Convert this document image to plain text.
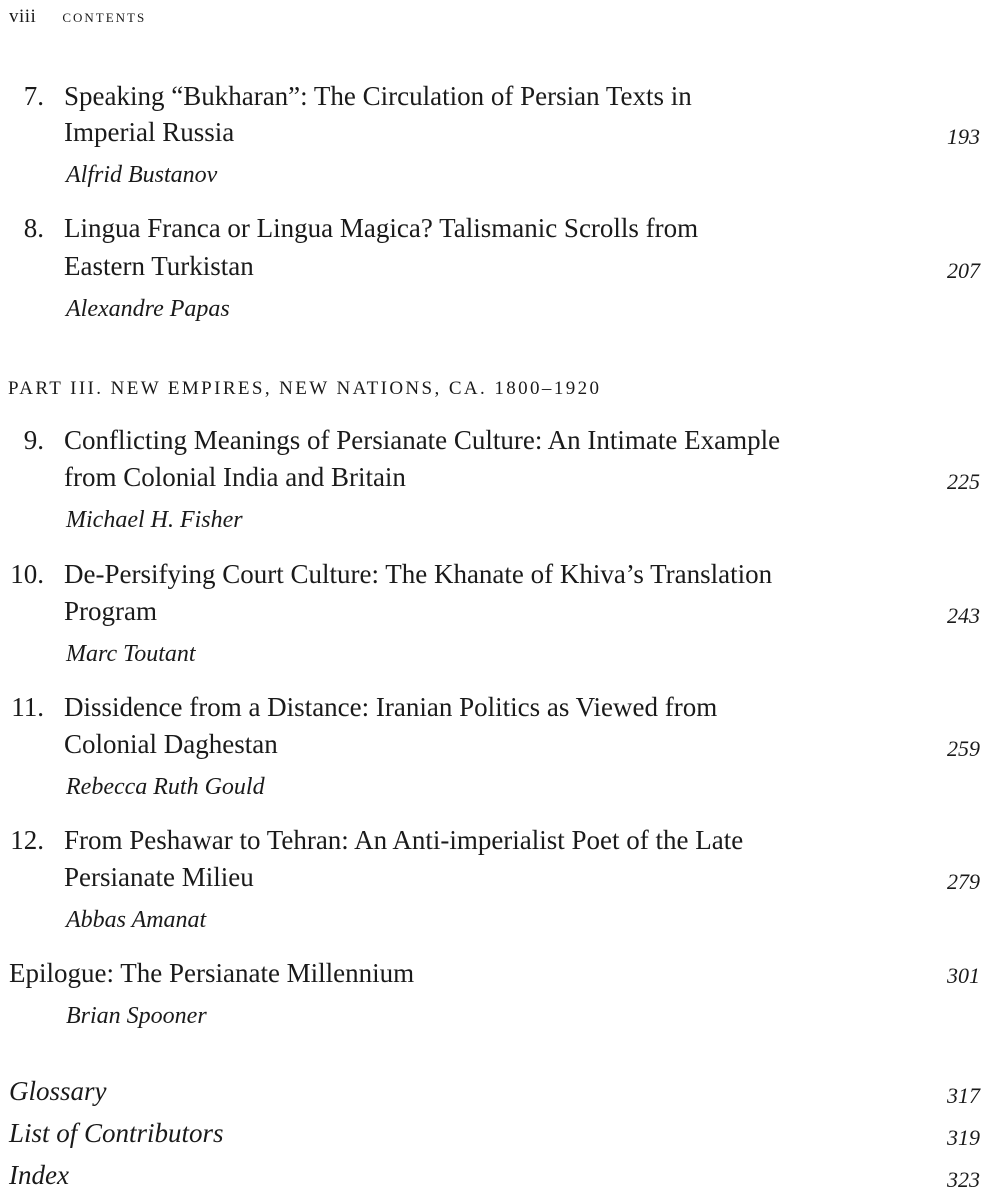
viii contents
7. Speaking “Bukharan”: The Circulation of Persian Texts in
Imperial Russia	193
Alfrid Bustanov
8. Lingua Franca or Lingua Magica? Talismanic Scrolls from
Eastern Turkistan	207
Alexandre Papas
PART III. NEW EMPIRES, NEW NATIONS, CA. 1800–1920
9. Conflicting Meanings of Persianate Culture: An Intimate Example
from Colonial India and Britain	225
Michael H. Fisher
10. De-Persifying Court Culture: The Khanate of Khiva’s Translation
Program	243
Marc Toutant
11. Dissidence from a Distance: Iranian Politics as Viewed from
Colonial Daghestan	259
Rebecca Ruth Gould
12. From Peshawar to Tehran: An Anti-imperialist Poet of the Late
Persianate Milieu	279
Abbas Amanat
Epilogue: The Persianate Millennium	301
Brian Spooner
Glossary	317
List of Contributors	319
Index	323
